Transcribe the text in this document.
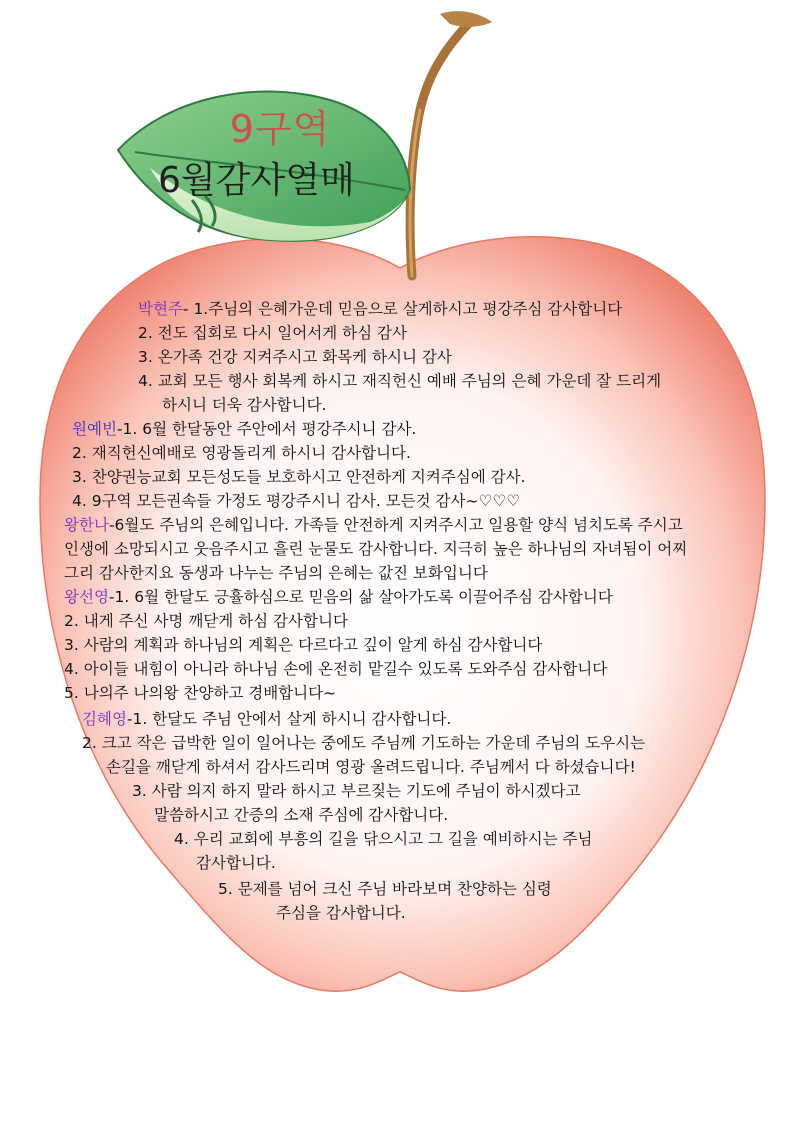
9구역
6월감사열매
박현주- 1.주님의 은혜가운데 믿음으로 살게하시고 평강주심 감사합니다
2. 전도 집회로 다시 일어서게 하심 감사
3. 온가족 건강 지켜주시고 화목케 하시니 감사
4. 교회 모든 행사 회복케 하시고 재직헌신 예배 주님의 은혜 가운데 잘 드리게
하시니 더욱 감사합니다.
원예빈-1. 6월 한달동안 주안에서 평강주시니 감사.
2. 재직헌신예배로 영광돌리게 하시니 감사합니다.
3. 찬양권능교회 모든성도들 보호하시고 안전하게 지켜주심에 감사.
4. 9구역 모든권속들 가정도 평강주시니 감사. 모든것 감사~♡♡♡
왕한나-6월도 주님의 은혜입니다. 가족들 안전하게 지켜주시고 일용할 양식 넘치도록 주시고
인생에 소망되시고 웃음주시고 흘린 눈물도 감사합니다. 지극히 높은 하나님의 자녀됨이 어찌
그리 감사한지요 동생과 나누는 주님의 은혜는 값진 보화입니다
왕선영-1. 6월 한달도 긍휼하심으로 믿음의 삶 살아가도록 이끌어주심 감사합니다
2. 내게 주신 사명 깨닫게 하심 감사합니다
3. 사람의 계획과 하나님의 계획은 다르다고 깊이 알게 하심 감사합니다
4. 아이들 내힘이 아니라 하나님 손에 온전히 맡길수 있도록 도와주심 감사합니다
5. 나의주 나의왕 찬양하고 경배합니다~
김혜영-1. 한달도 주님 안에서 살게 하시니 감사합니다.
2. 크고 작은 급박한 일이 일어나는 중에도 주님께 기도하는 가운데 주님의 도우시는
손길을 깨닫게 하셔서 감사드리며 영광 올려드립니다. 주님께서 다 하셨습니다!
3. 사람 의지 하지 말라 하시고 부르짖는 기도에 주님이 하시겠다고
말씀하시고 간증의 소재 주심에 감사합니다.
4. 우리 교회에 부흥의 길을 닦으시고 그 길을 예비하시는 주님
감사합니다.
5. 문제를 넘어 크신 주님 바라보며 찬양하는 심령
주심을 감사합니다.
